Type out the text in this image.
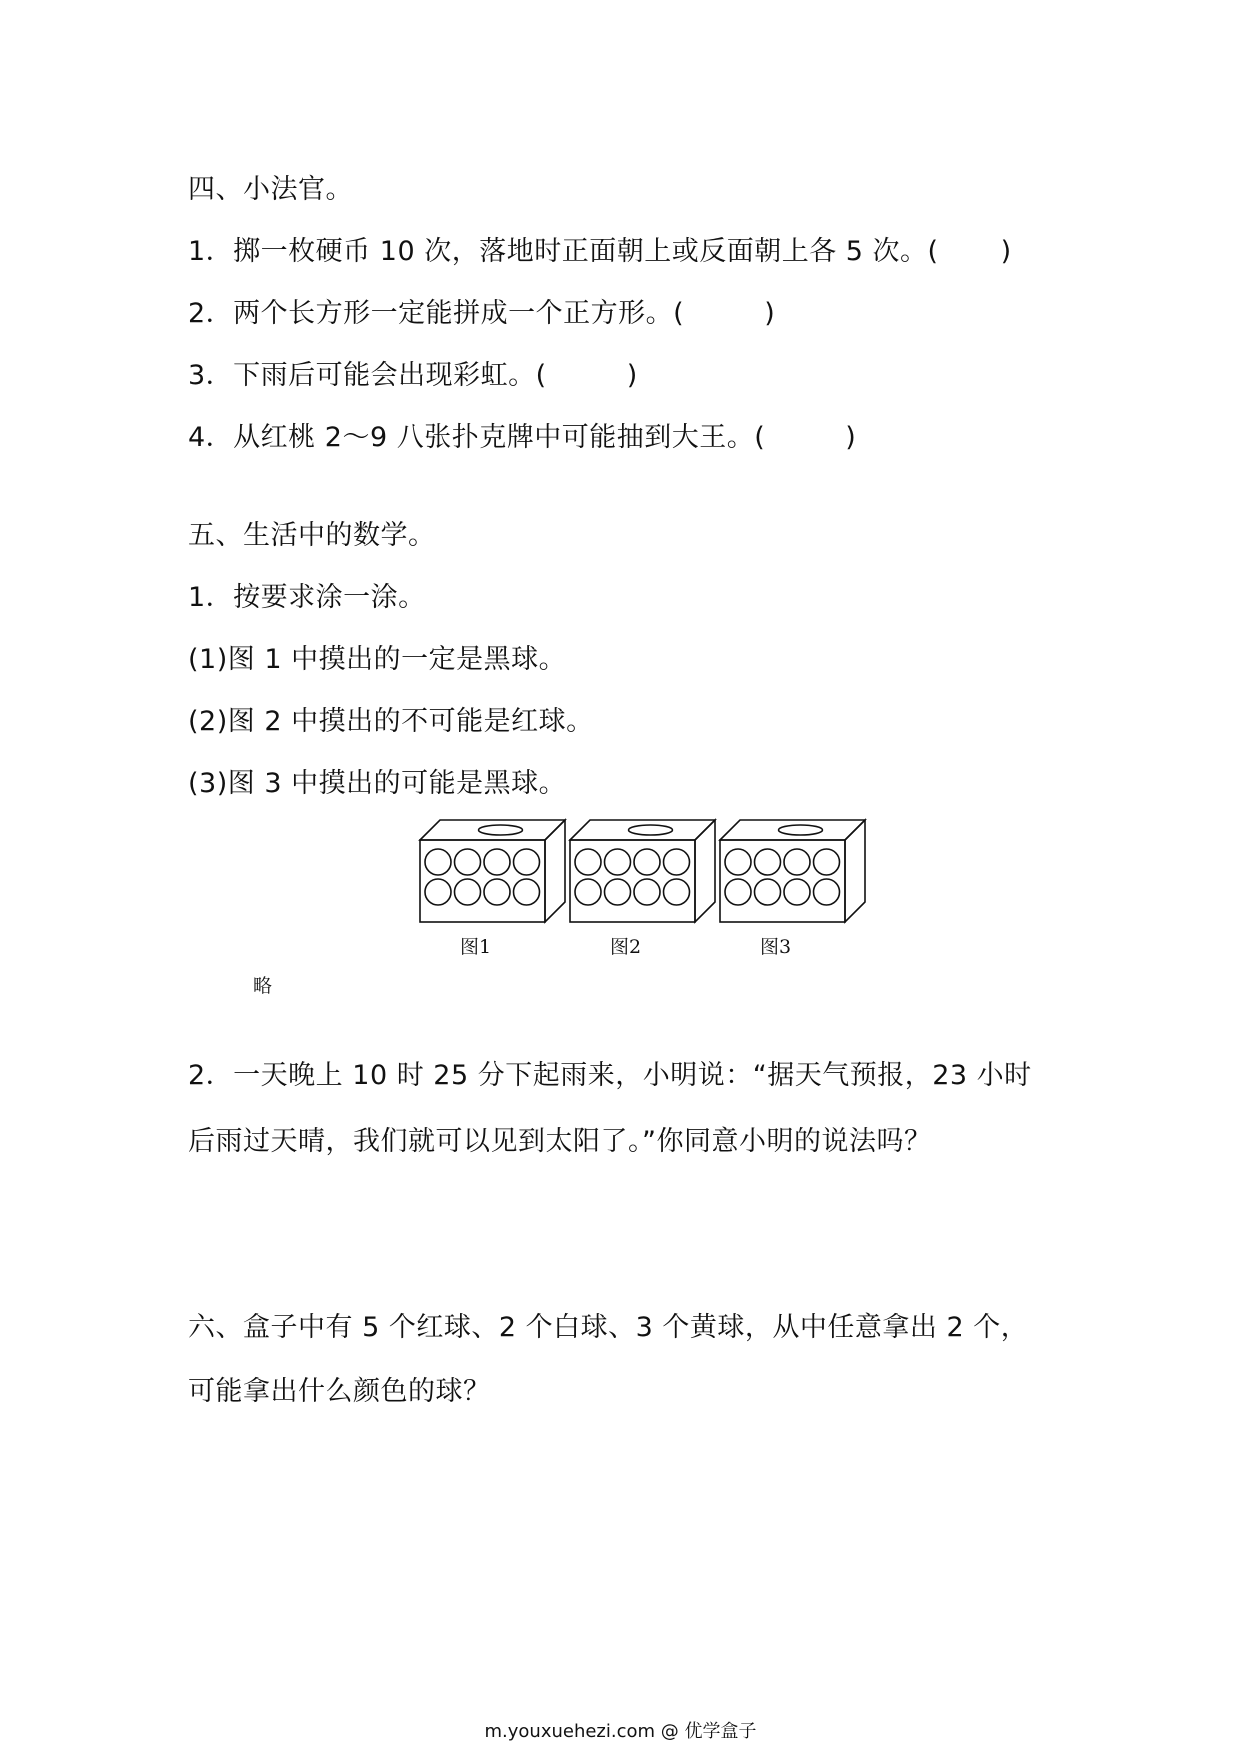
四、小法官。
1．掷一枚硬币 10 次，落地时正面朝上或反面朝上各 5 次。( )
2．两个长方形一定能拼成一个正方形。(	)
3．下雨后可能会出现彩虹。(	)
4．从红桃 2～9 八张扑克牌中可能抽到大王。(	)
五、生活中的数学。
1．按要求涂一涂。
(1)图 1 中摸出的一定是黑球。
(2)图 2 中摸出的不可能是红球。
(3)图 3 中摸出的可能是黑球。
图1	图2	图3
略
2．一天晚上 10 时 25 分下起雨来，小明说：“据天气预报，23 小时
后雨过天晴，我们就可以见到太阳了。”你同意小明的说法吗？
六、盒子中有 5 个红球、2 个白球、3 个黄球，从中任意拿出 2 个，
可能拿出什么颜色的球？
m.youxuehezi.com @ 优学盒子
